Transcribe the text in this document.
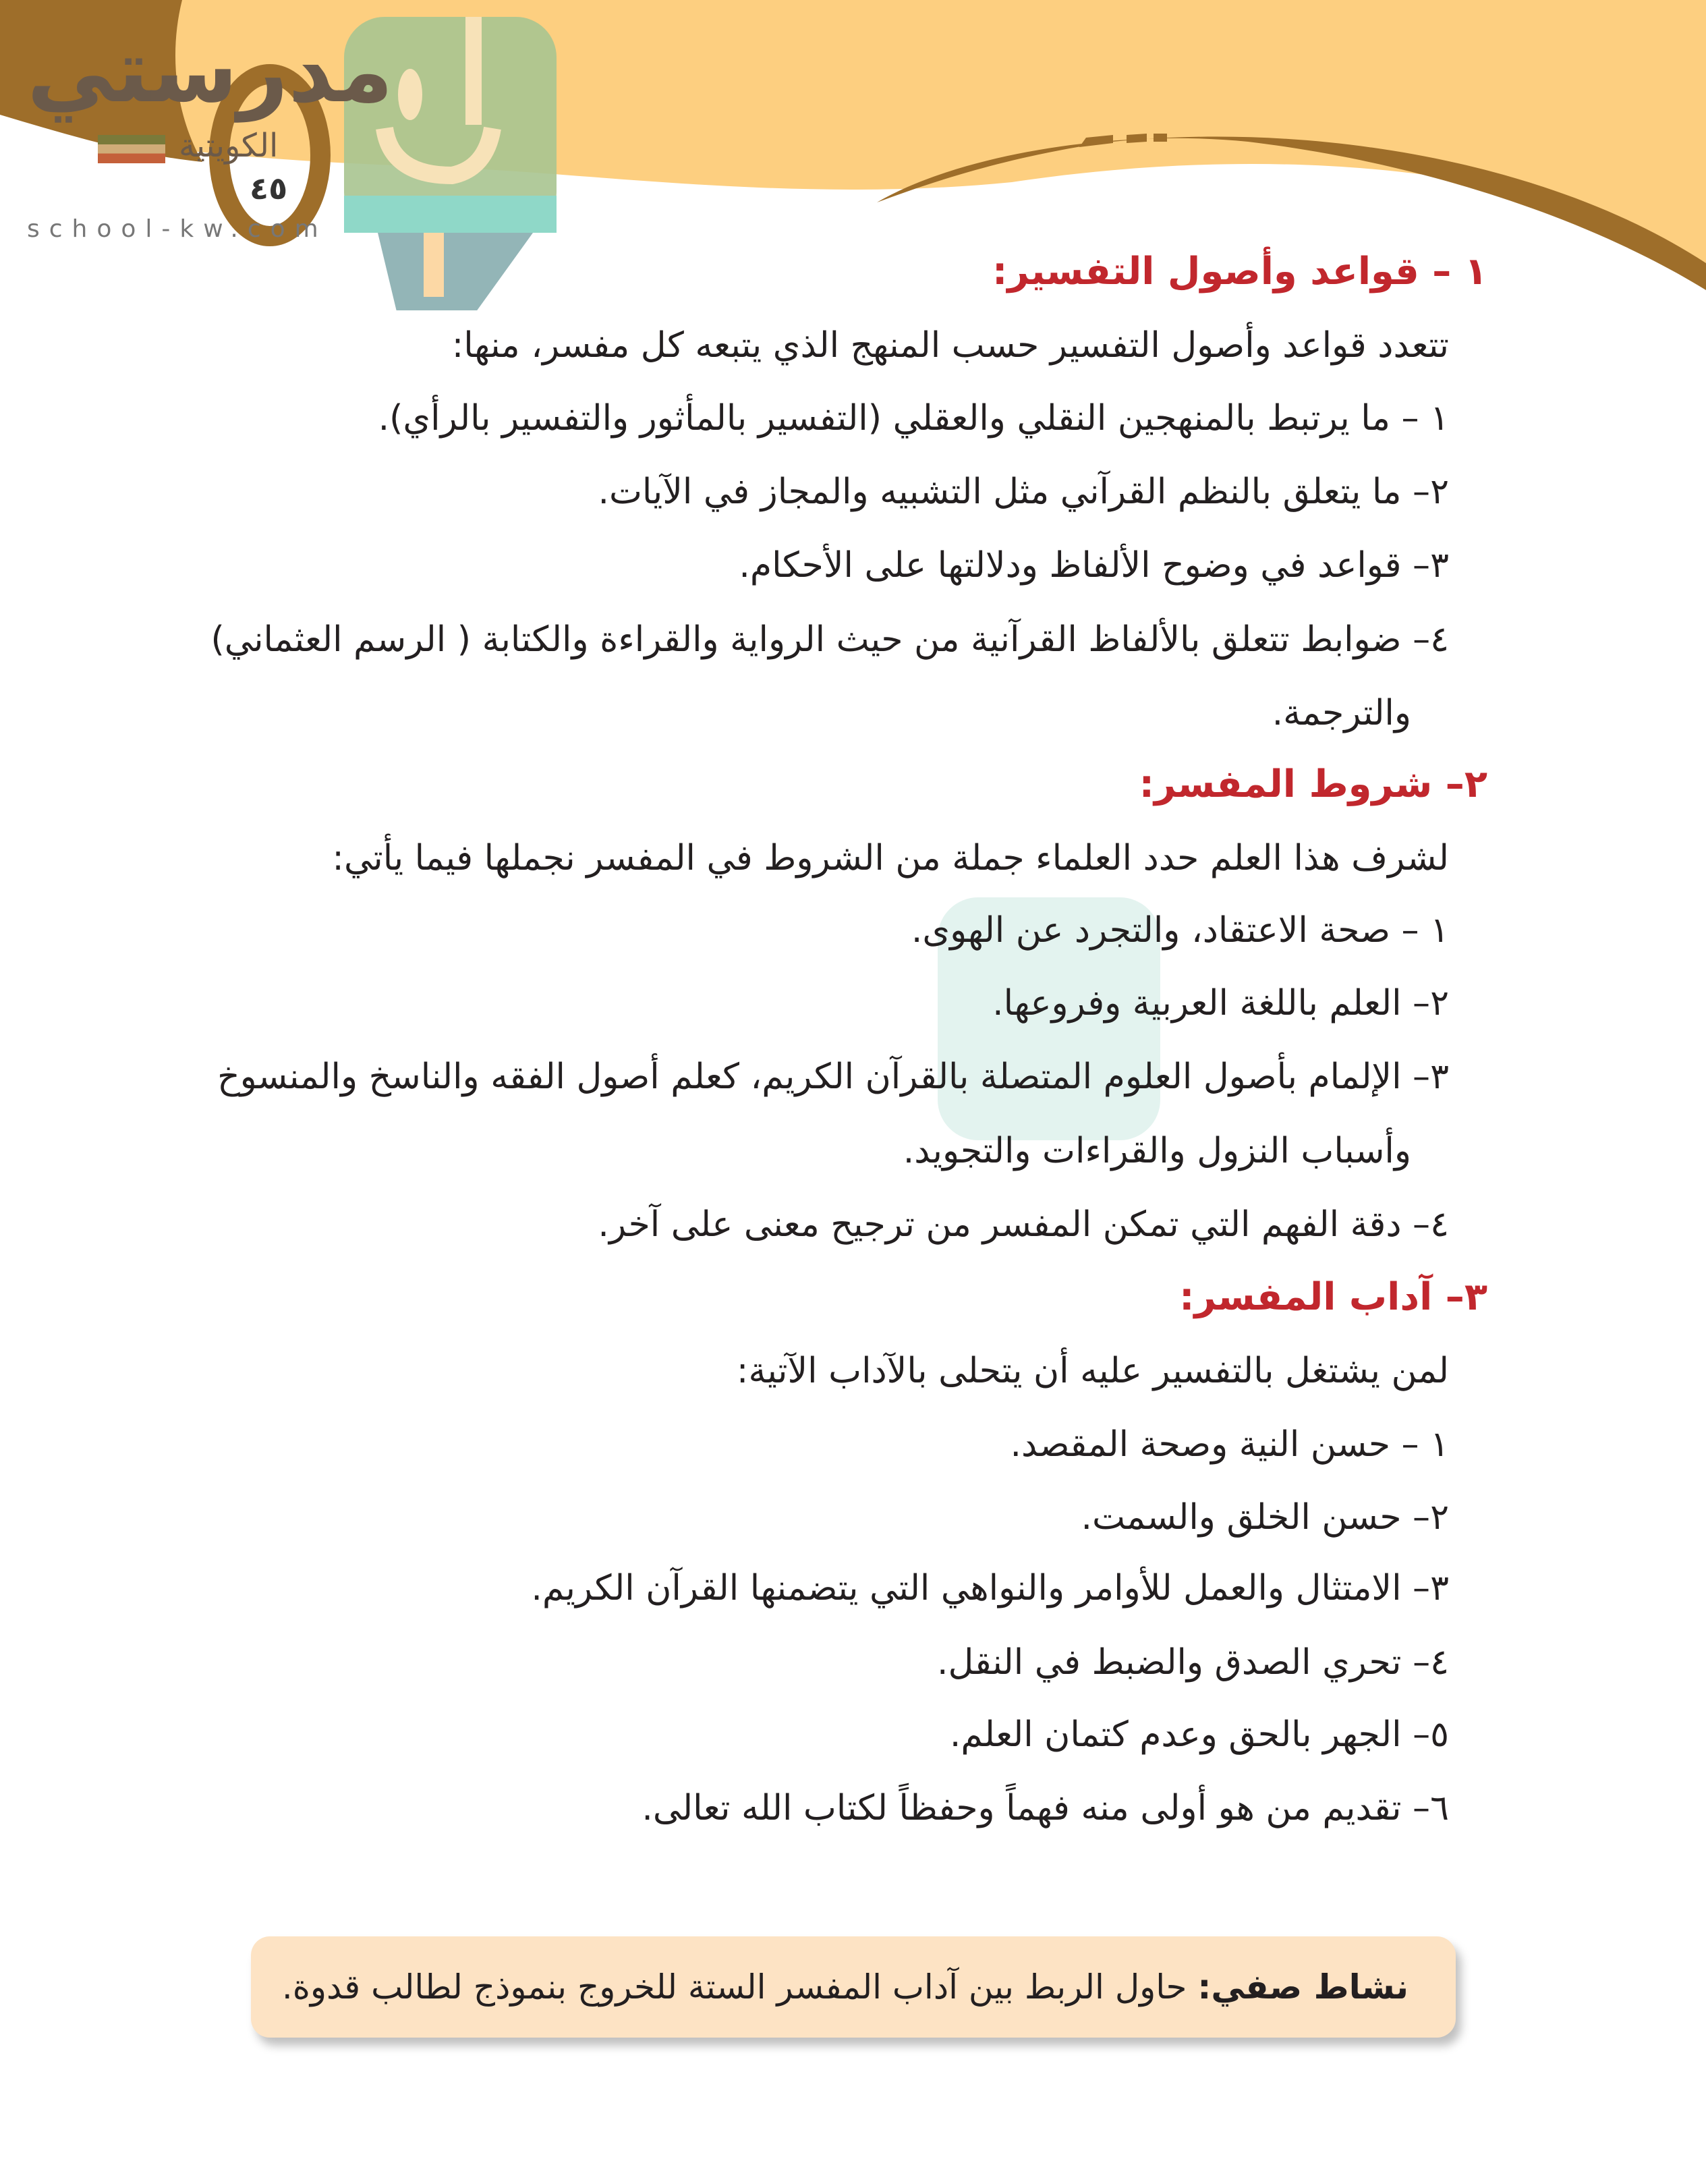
مدرستي
الكويتية
٤٥
school-kw.com
١ – قواعد وأصول التفسير:
تتعدد قواعد وأصول التفسير حسب المنهج الذي يتبعه كل مفسر، منها:
١ – ما يرتبط بالمنهجين النقلي والعقلي (التفسير بالمأثور والتفسير بالرأي).
٢– ما يتعلق بالنظم القرآني مثل التشبيه والمجاز في الآيات.
٣– قواعد في وضوح الألفاظ ودلالتها على الأحكام.
٤– ضوابط تتعلق بالألفاظ القرآنية من حيث الرواية والقراءة والكتابة ( الرسم العثماني)
والترجمة.
٢– شروط المفسر:
لشرف هذا العلم حدد العلماء جملة من الشروط في المفسر نجملها فيما يأتي:
١ – صحة الاعتقاد، والتجرد عن الهوى.
٢– العلم باللغة العربية وفروعها.
٣– الإلمام بأصول العلوم المتصلة بالقرآن الكريم، كعلم أصول الفقه والناسخ والمنسوخ
وأسباب النزول والقراءات والتجويد.
٤– دقة الفهم التي تمكن المفسر من ترجيح معنى على آخر.
٣– آداب المفسر:
لمن يشتغل بالتفسير عليه أن يتحلى بالآداب الآتية:
١ – حسن النية وصحة المقصد.
٢– حسن الخلق والسمت.
٣– الامتثال والعمل للأوامر والنواهي التي يتضمنها القرآن الكريم.
٤– تحري الصدق والضبط في النقل.
٥– الجهر بالحق وعدم كتمان العلم.
٦– تقديم من هو أولى منه فهماً وحفظاً لكتاب الله تعالى.
نشاط صفي: حاول الربط بين آداب المفسر الستة للخروج بنموذج لطالب قدوة.
